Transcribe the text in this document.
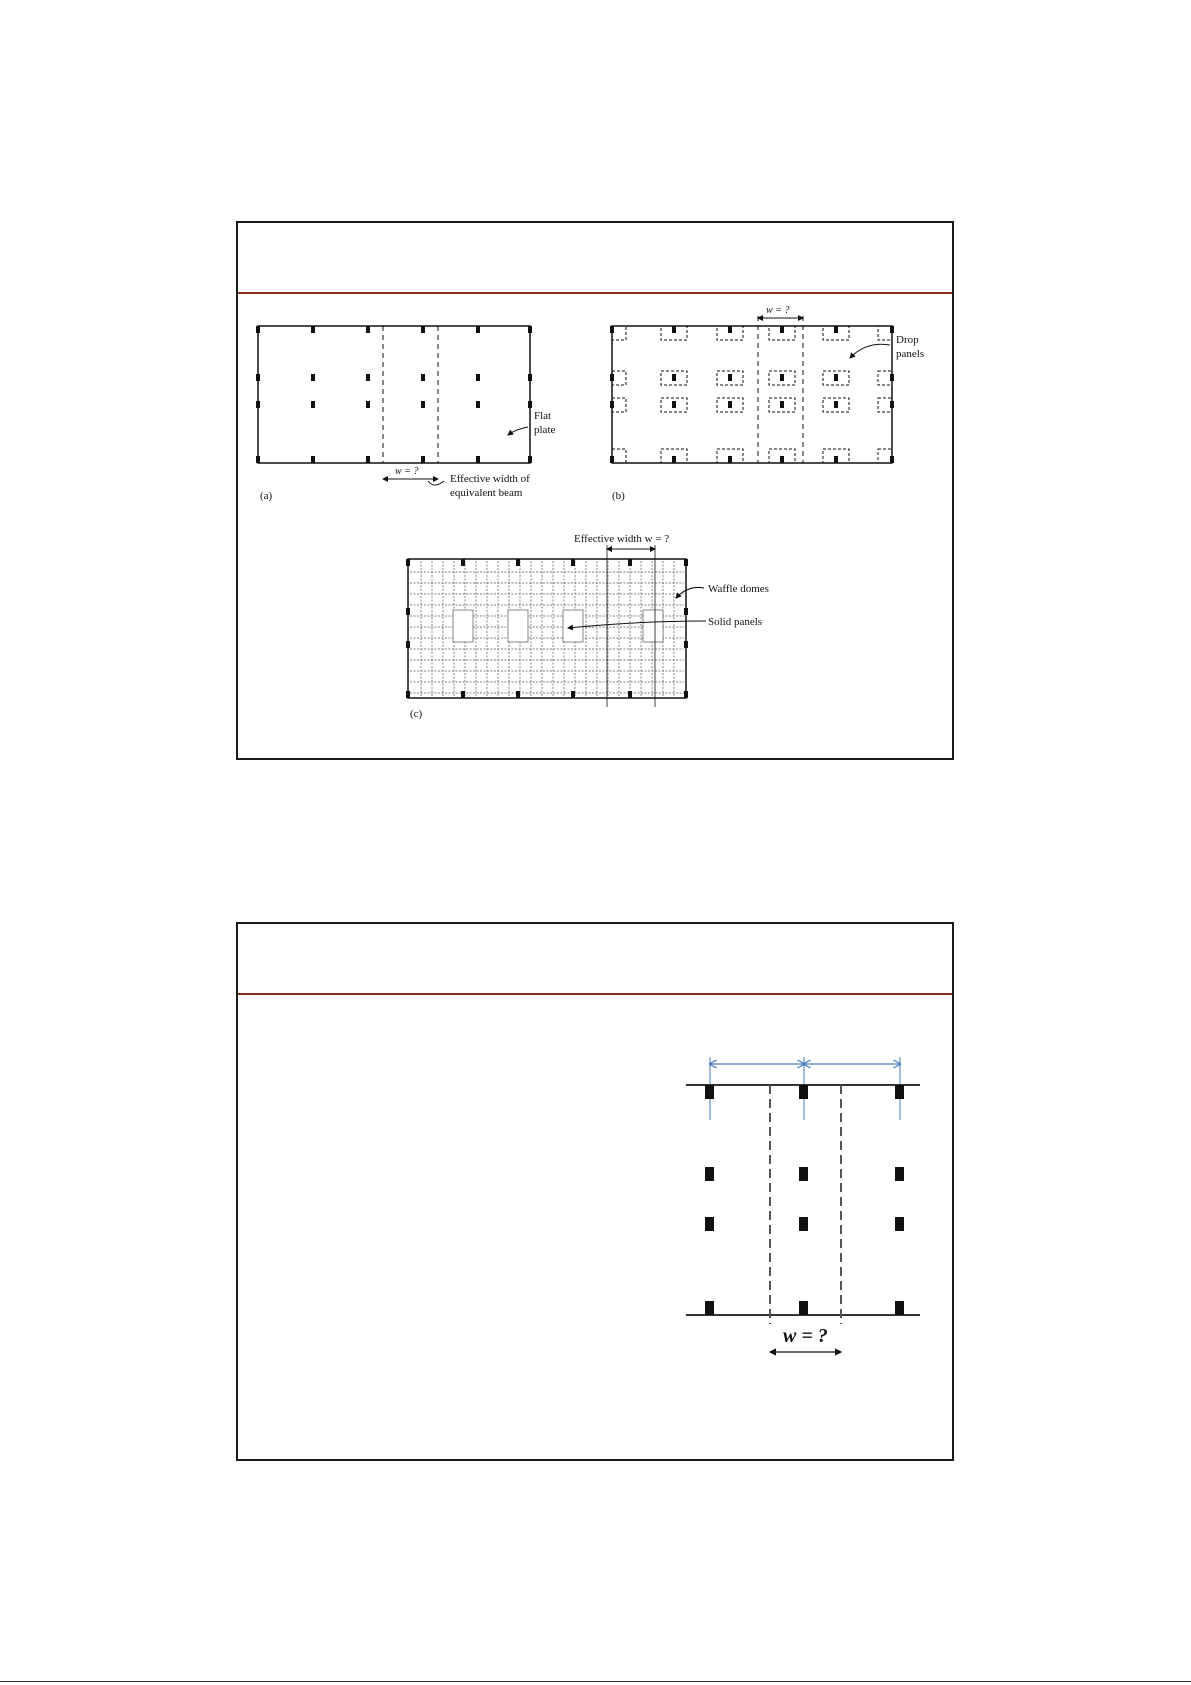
w = ?
Effective width of
equivalent beam
Flat
plate
(a)
w = ?
Drop
panels
(b)
Effective width w = ?
Waffle domes
Solid panels
(c)
w = ?
